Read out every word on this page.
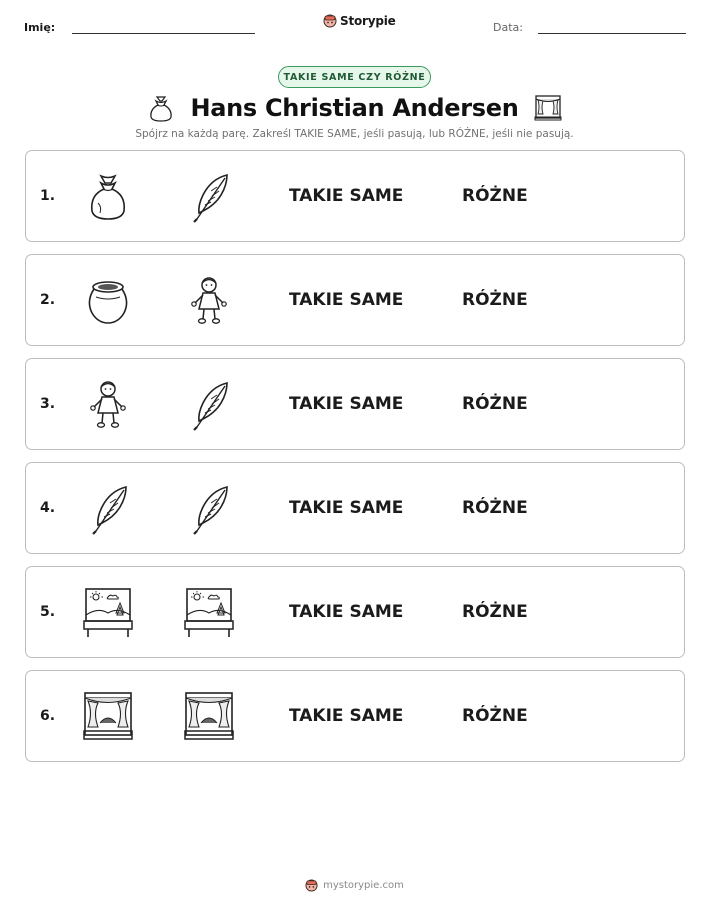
Imię:	Storypie	Data:
TAKIE SAME CZY RÓŻNE
Hans Christian Andersen
Spójrz na każdą parę. Zakreśl TAKIE SAME, jeśli pasują, lub RÓŻNE, jeśli nie pasują.
1.	TAKIE SAME	RÓŻNE
2.	TAKIE SAME	RÓŻNE
3.	TAKIE SAME	RÓŻNE
4.	TAKIE SAME	RÓŻNE
5.	TAKIE SAME	RÓŻNE
6.	TAKIE SAME	RÓŻNE
mystorypie.com
